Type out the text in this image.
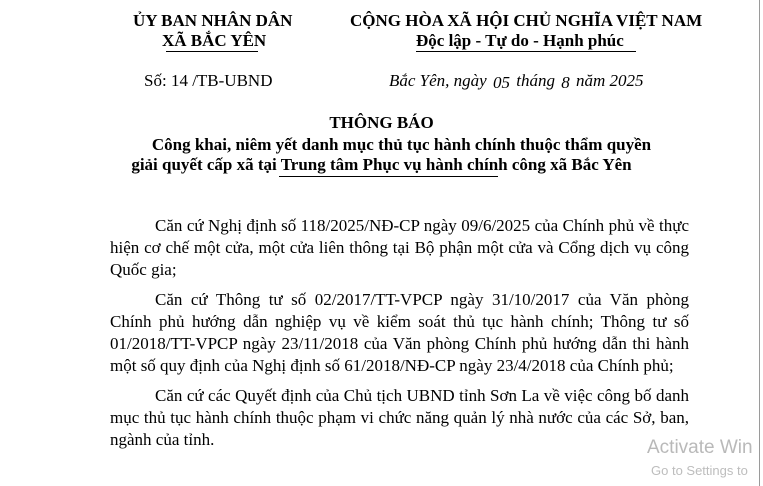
ỦY BAN NHÂN DÂN
XÃ BẮC YÊN
CỘNG HÒA XÃ HỘI CHỦ NGHĨA VIỆT NAM
Độc lập - Tự do - Hạnh phúc
Số: 14 /TB-UBND	Bắc Yên, ngày 05 tháng 8 năm 2025
THÔNG BÁO
Công khai, niêm yết danh mục thủ tục hành chính thuộc thẩm quyền
giải quyết cấp xã tại Trung tâm Phục vụ hành chính công xã Bắc Yên

Căn cứ Nghị định số 118/2025/NĐ-CP ngày 09/6/2025 của Chính phủ về thực hiện cơ chế một cửa, một cửa liên thông tại Bộ phận một cửa và Cổng dịch vụ công Quốc gia;

Căn cứ Thông tư số 02/2017/TT-VPCP ngày 31/10/2017 của Văn phòng Chính phủ hướng dẫn nghiệp vụ về kiểm soát thủ tục hành chính; Thông tư số 01/2018/TT-VPCP ngày 23/11/2018 của Văn phòng Chính phủ hướng dẫn thi hành một số quy định của Nghị định số 61/2018/NĐ-CP ngày 23/4/2018 của Chính phủ;

Căn cứ các Quyết định của Chủ tịch UBND tỉnh Sơn La về việc công bố danh mục thủ tục hành chính thuộc phạm vi chức năng quản lý nhà nước của các Sở, ban, ngành của tỉnh.	Activate Win
Go to Settings to
